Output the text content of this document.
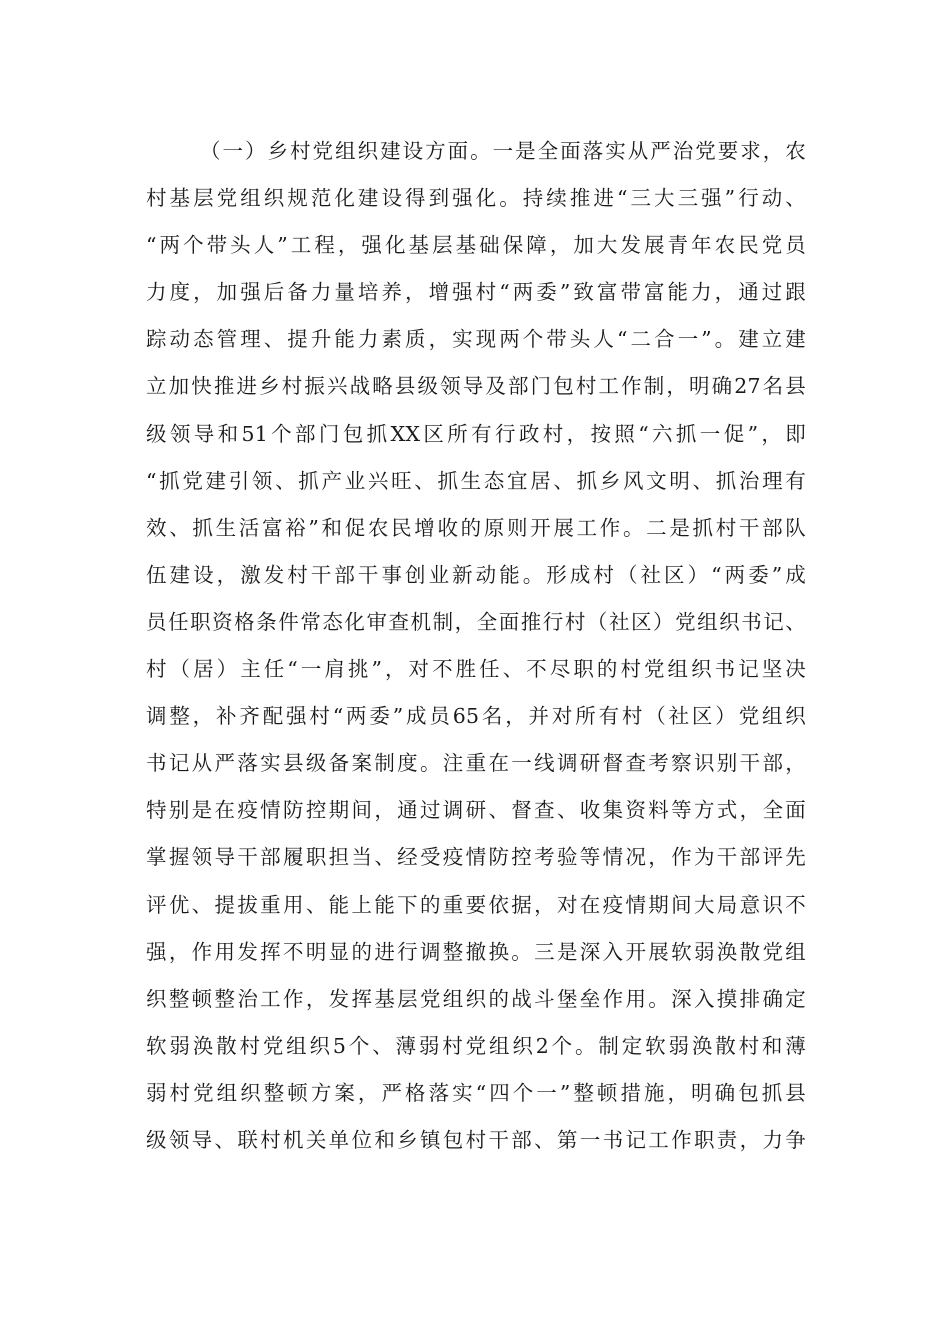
（一）乡村党组织建设方面。一是全面落实从严治党要求，农
村基层党组织规范化建设得到强化。持续推进“三大三强”行动、
“两个带头人”工程，强化基层基础保障，加大发展青年农民党员
力度，加强后备力量培养，增强村“两委”致富带富能力，通过跟
踪动态管理、提升能力素质，实现两个带头人“二合一”。建立建
立加快推进乡村振兴战略县级领导及部门包村工作制，明确27名县
级领导和51个部门包抓XX区所有行政村，按照“六抓一促”，即
“抓党建引领、抓产业兴旺、抓生态宜居、抓乡风文明、抓治理有
效、抓生活富裕”和促农民增收的原则开展工作。二是抓村干部队
伍建设，激发村干部干事创业新动能。形成村（社区）“两委”成
员任职资格条件常态化审查机制，全面推行村（社区）党组织书记、
村（居）主任“一肩挑”，对不胜任、不尽职的村党组织书记坚决
调整，补齐配强村“两委”成员65名，并对所有村（社区）党组织
书记从严落实县级备案制度。注重在一线调研督查考察识别干部，
特别是在疫情防控期间，通过调研、督查、收集资料等方式，全面
掌握领导干部履职担当、经受疫情防控考验等情况，作为干部评先
评优、提拔重用、能上能下的重要依据，对在疫情期间大局意识不
强，作用发挥不明显的进行调整撤换。三是深入开展软弱涣散党组
织整顿整治工作，发挥基层党组织的战斗堡垒作用。深入摸排确定
软弱涣散村党组织5个、薄弱村党组织2个。制定软弱涣散村和薄
弱村党组织整顿方案，严格落实“四个一”整顿措施，明确包抓县
级领导、联村机关单位和乡镇包村干部、第一书记工作职责，力争
